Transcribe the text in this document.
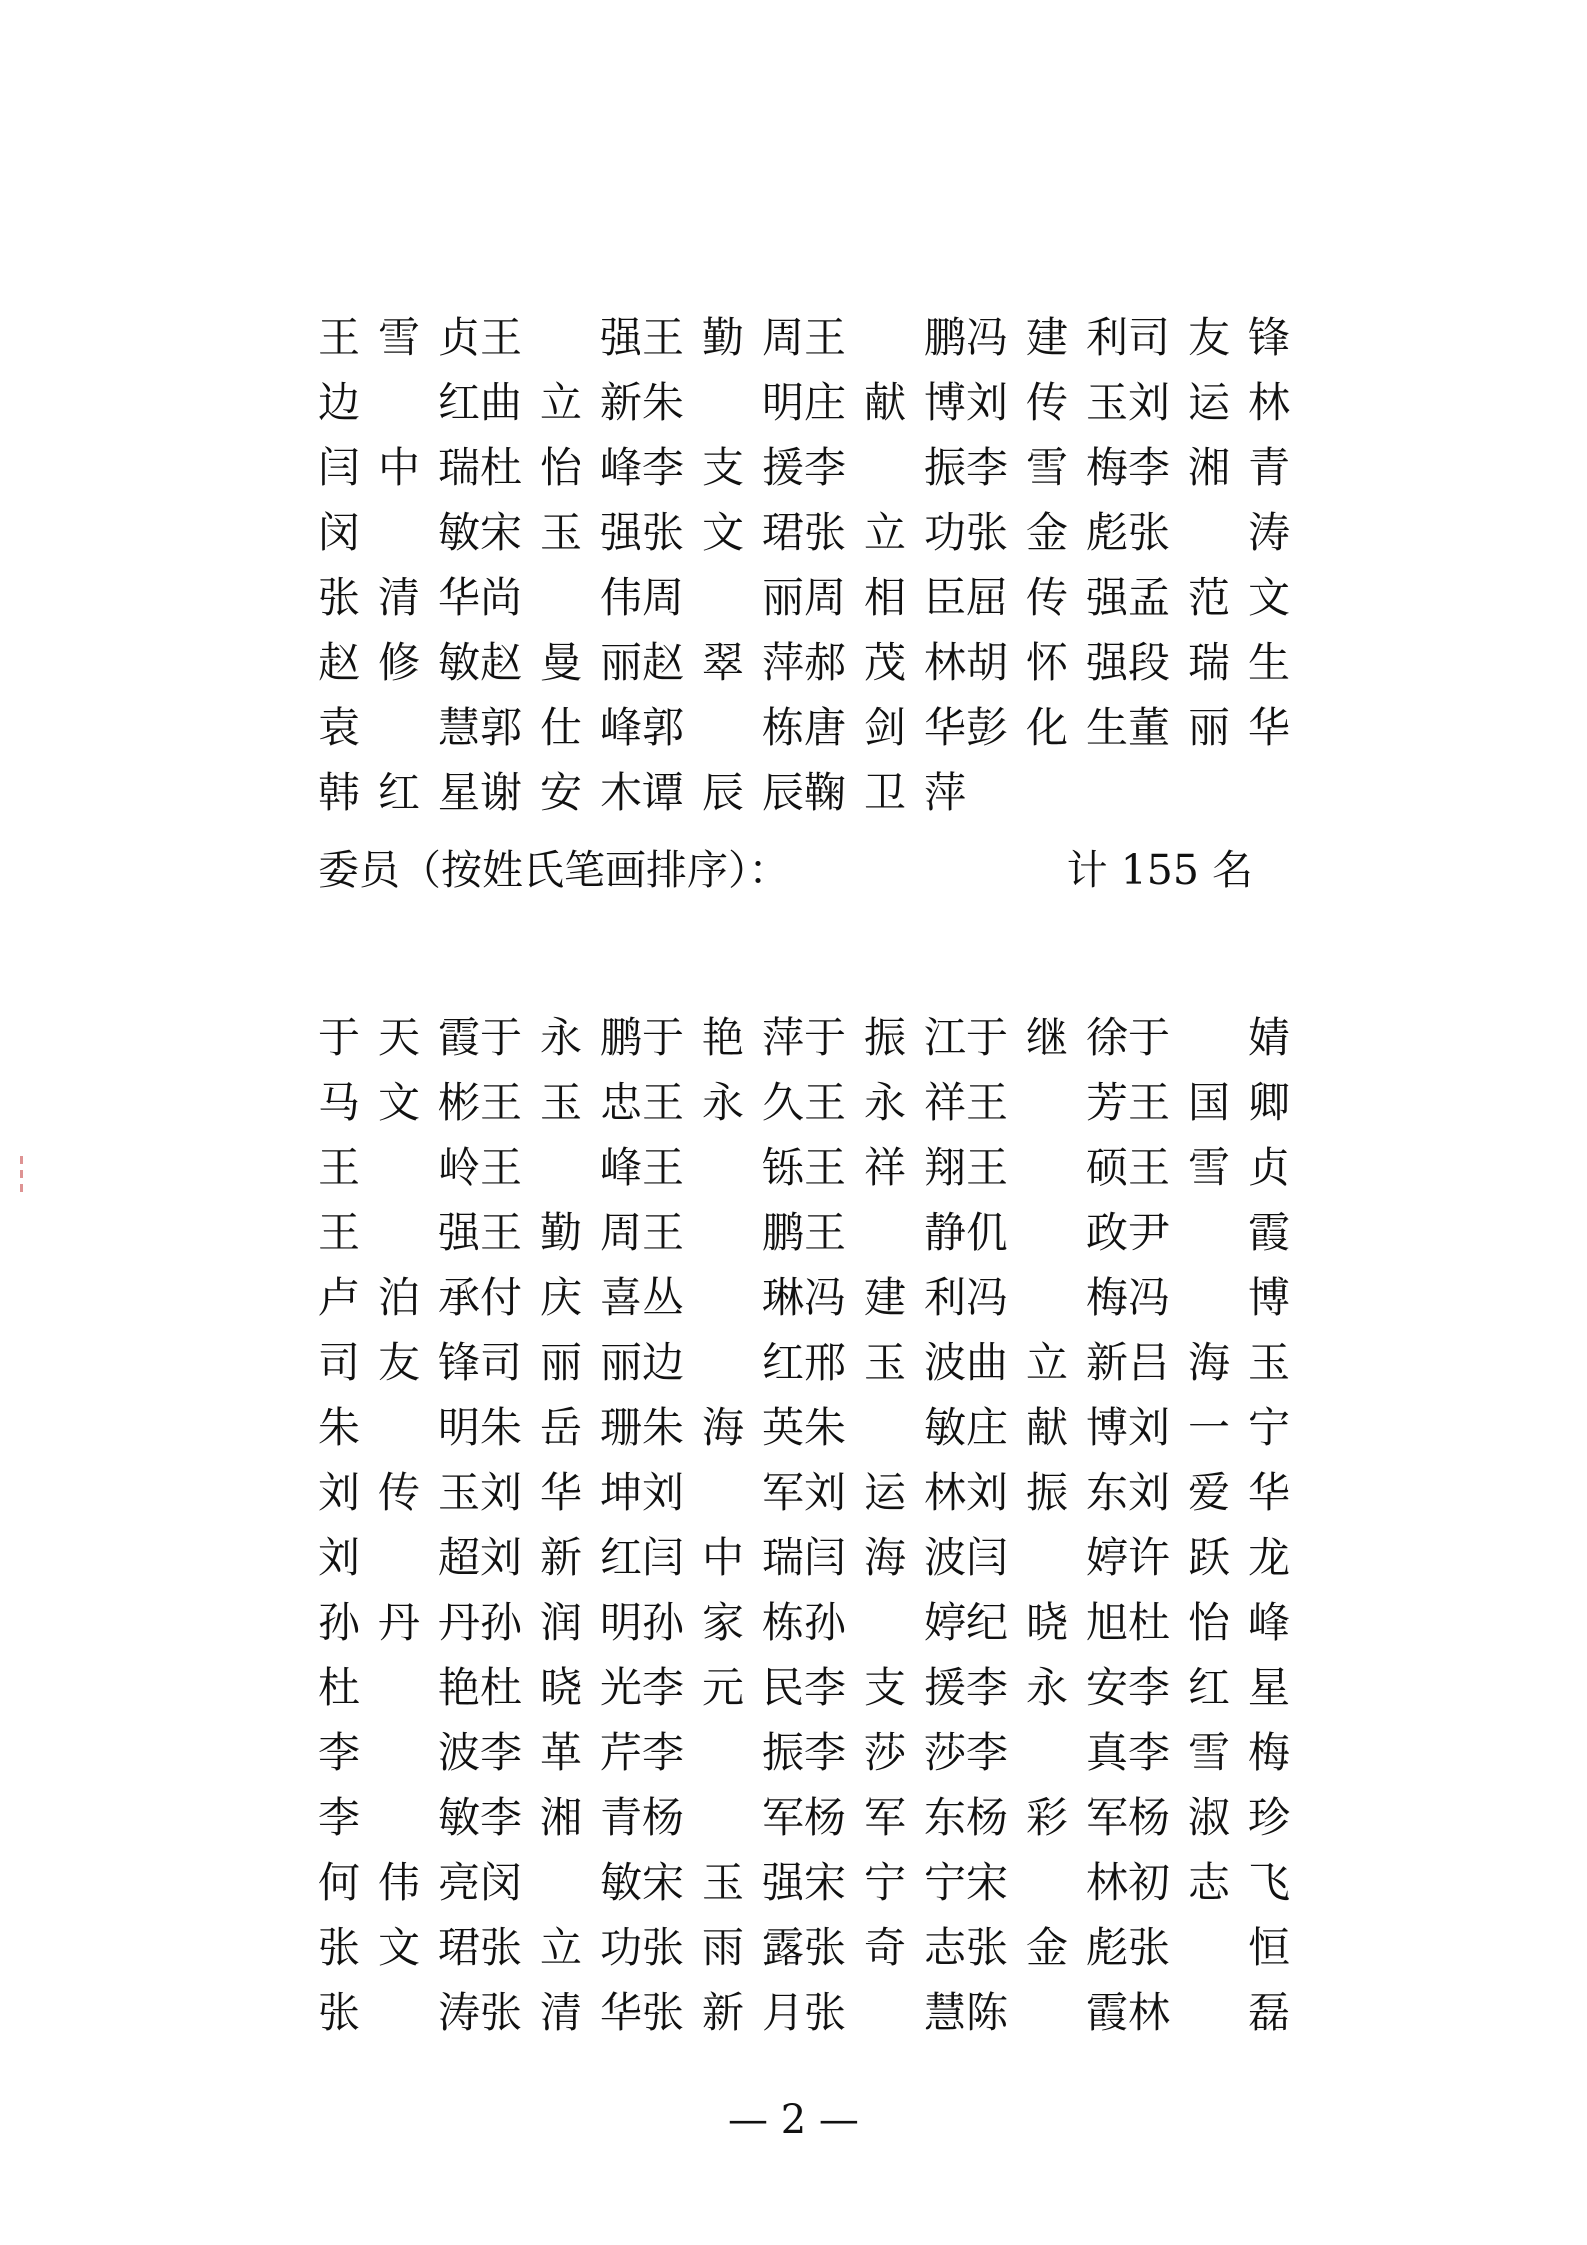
王 雪 贞 王 强 王 勤 周 王 鹏 冯 建 利 司 友 锋
边 红 曲 立 新 朱 明 庄 献 博 刘 传 玉 刘 运 林
闫 中 瑞 杜 怡 峰 李 支 援 李 振 李 雪 梅 李 湘 青
闵 敏 宋 玉 强 张 文 珺 张 立 功 张 金 彪 张 涛
张 清 华 尚 伟 周 丽 周 相 臣 屈 传 强 孟 范 文
赵 修 敏 赵 曼 丽 赵 翠 萍 郝 茂 林 胡 怀 强 段 瑞 生
袁 慧 郭 仕 峰 郭 栋 唐 剑 华 彭 化 生 董 丽 华
韩 红 星 谢 安 木 谭 辰 辰 鞠 卫 萍
委员（按姓氏笔画排序）：	计 155 名
于 天 霞 于 永 鹏 于 艳 萍 于 振 江 于 继 徐 于 婧
马 文 彬 王 玉 忠 王 永 久 王 永 祥 王 芳 王 国 卿
王 岭 王 峰 王 铄 王 祥 翔 王 硕 王 雪 贞
王 强 王 勤 周 王 鹏 王 静 仉 政 尹 霞
卢 泊 承 付 庆 喜 丛 琳 冯 建 利 冯 梅 冯 博
司 友 锋 司 丽 丽 边 红 邢 玉 波 曲 立 新 吕 海 玉
朱 明 朱 岳 珊 朱 海 英 朱 敏 庄 献 博 刘 一 宁
刘 传 玉 刘 华 坤 刘 军 刘 运 林 刘 振 东 刘 爱 华
刘 超 刘 新 红 闫 中 瑞 闫 海 波 闫 婷 许 跃 龙
孙 丹 丹 孙 润 明 孙 家 栋 孙 婷 纪 晓 旭 杜 怡 峰
杜 艳 杜 晓 光 李 元 民 李 支 援 李 永 安 李 红 星
李 波 李 革 芹 李 振 李 莎 莎 李 真 李 雪 梅
李 敏 李 湘 青 杨 军 杨 军 东 杨 彩 军 杨 淑 珍
何 伟 亮 闵 敏 宋 玉 强 宋 宁 宁 宋 林 初 志 飞
张 文 珺 张 立 功 张 雨 露 张 奇 志 张 金 彪 张 恒
张 涛 张 清 华 张 新 月 张 慧 陈 霞 林 磊
— 2 —
